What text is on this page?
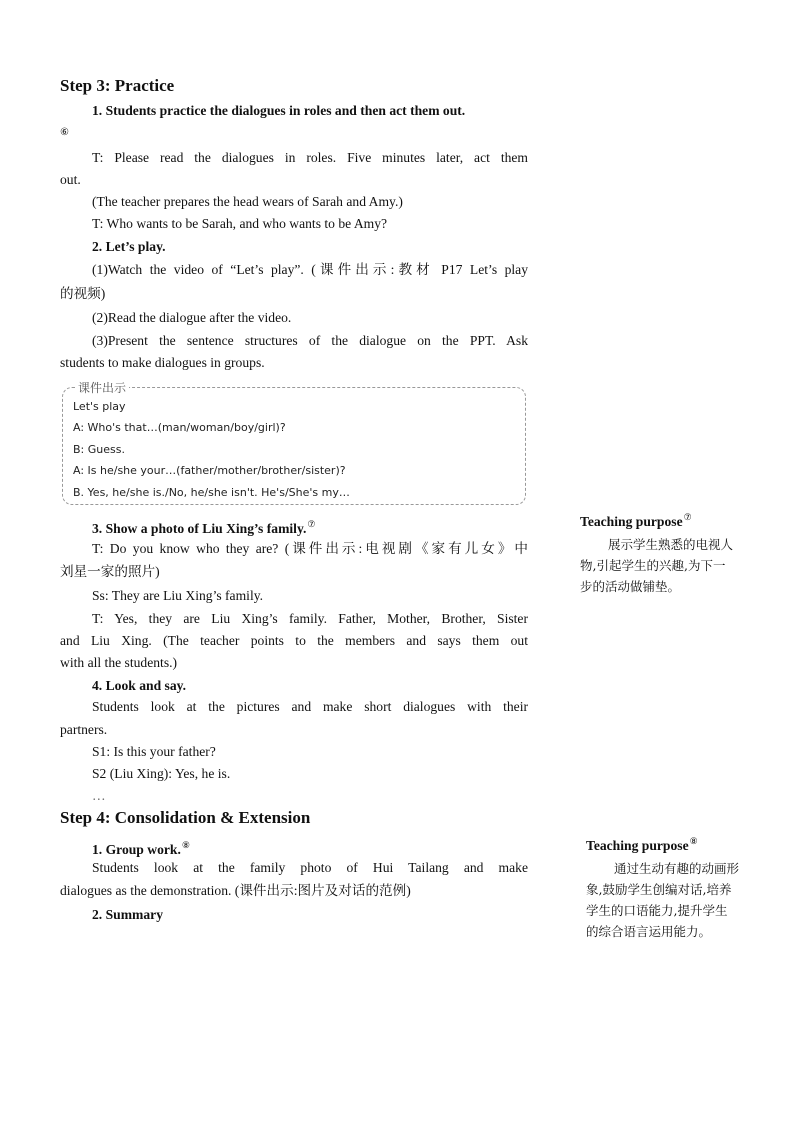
Step 3: Practice
1. Students practice the dialogues in roles and then act them out.
⑥
T: Please read the dialogues in roles. Five minutes later, act them
out.
(The teacher prepares the head wears of Sarah and Amy.)
T: Who wants to be Sarah, and who wants to be Amy?
2. Let’s play.
(1)Watch the video of “Let’s play”. (课件出示:教材 P17 Let’s play
的视频)
(2)Read the dialogue after the video.
(3)Present the sentence structures of the dialogue on the PPT. Ask
students to make dialogues in groups.
课件出示
Let's play
A: Who's that…(man/woman/boy/girl)?
B: Guess.
A: Is he/she your…(father/mother/brother/sister)?
B. Yes, he/she is./No, he/she isn't. He's/She's my…
3. Show a photo of Liu Xing’s family.⑦
T: Do you know who they are? (课件出示:电视剧《家有儿女》中
刘星一家的照片)
Ss: They are Liu Xing’s family.
T: Yes, they are Liu Xing’s family. Father, Mother, Brother, Sister
and Liu Xing. (The teacher points to the members and says them out
with all the students.)
4. Look and say.
Students look at the pictures and make short dialogues with their
partners.
S1: Is this your father?
S2 (Liu Xing): Yes, he is.
…
Step 4: Consolidation & Extension
1. Group work.⑧
Students look at the family photo of Hui Tailang and make
dialogues as the demonstration. (课件出示:图片及对话的范例)
2. Summary
Teaching purpose⑦
展示学生熟悉的电视人
物,引起学生的兴趣,为下一
步的活动做铺垫。
Teaching purpose⑧
通过生动有趣的动画形
象,鼓励学生创编对话,培养
学生的口语能力,提升学生
的综合语言运用能力。
